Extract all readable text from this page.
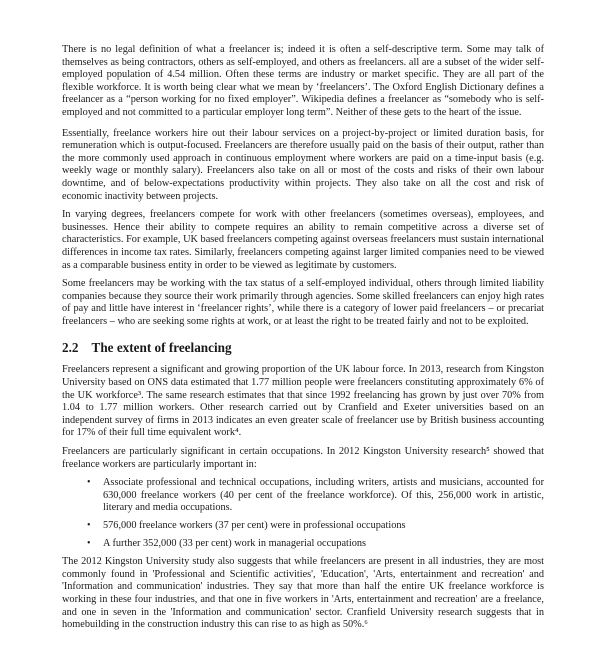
There is no legal definition of what a freelancer is; indeed it is often a self-descriptive term. Some may talk of themselves as being contractors, others as self-employed, and others as freelancers. all are a subset of the wider self-employed population of 4.54 million. Often these terms are industry or market specific. They are all part of the flexible workforce. It is worth being clear what we mean by ‘freelancers’. The Oxford English Dictionary defines a freelancer as a “person working for no fixed employer”. Wikipedia defines a freelancer as “somebody who is self-employed and not committed to a particular employer long term”. Neither of these gets to the heart of the issue.

Essentially, freelance workers hire out their labour services on a project-by-project or limited duration basis, for remuneration which is output-focused. Freelancers are therefore usually paid on the basis of their output, rather than the more commonly used approach in continuous employment where workers are paid on a time-input basis (e.g. weekly wage or monthly salary). Freelancers also take on all or most of the costs and risks of their own labour downtime, and of below-expectations productivity within projects. They also take on all the cost and risk of economic inactivity between projects.

In varying degrees, freelancers compete for work with other freelancers (sometimes overseas), employees, and businesses. Hence their ability to compete requires an ability to remain competitive across a diverse set of characteristics. For example, UK based freelancers competing against overseas freelancers must sustain international differences in income tax rates. Similarly, freelancers competing against larger limited companies need to be viewed as a comparable business entity in order to be viewed as legitimate by customers.

Some freelancers may be working with the tax status of a self-employed individual, others through limited liability companies because they source their work primarily through agencies. Some skilled freelancers can enjoy high rates of pay and little have interest in ‘freelancer rights’, while there is a category of lower paid freelancers – or precariat freelancers – who are seeking some rights at work, or at least the right to be treated fairly and not to be exploited.

2.2 The extent of freelancing

Freelancers represent a significant and growing proportion of the UK labour force. In 2013, research from Kingston University based on ONS data estimated that 1.77 million people were freelancers constituting approximately 6% of the UK workforce³. The same research estimates that that since 1992 freelancing has grown by just over 70% from 1.04 to 1.77 million workers. Other research carried out by Cranfield and Exeter universities based on an independent survey of firms in 2013 indicates an even greater scale of freelancer use by British business accounting for 17% of their full time equivalent work⁴.

Freelancers are particularly significant in certain occupations. In 2012 Kingston University research⁵ showed that freelance workers are particularly important in:

• Associate professional and technical occupations, including writers, artists and musicians, accounted for 630,000 freelance workers (40 per cent of the freelance workforce). Of this, 256,000 work in artistic, literary and media occupations.
• 576,000 freelance workers (37 per cent) were in professional occupations
• A further 352,000 (33 per cent) work in managerial occupations

The 2012 Kingston University study also suggests that while freelancers are present in all industries, they are most commonly found in 'Professional and Scientific activities', 'Education', 'Arts, entertainment and recreation' and 'Information and communication' industries. They say that more than half the entire UK freelance workforce is working in these four industries, and that one in five workers in 'Arts, entertainment and recreation' are a freelance, and one in seven in the 'Information and communication' sector. Cranfield University research suggests that in homebuilding in the construction industry this can rise to as high as 50%.⁶
